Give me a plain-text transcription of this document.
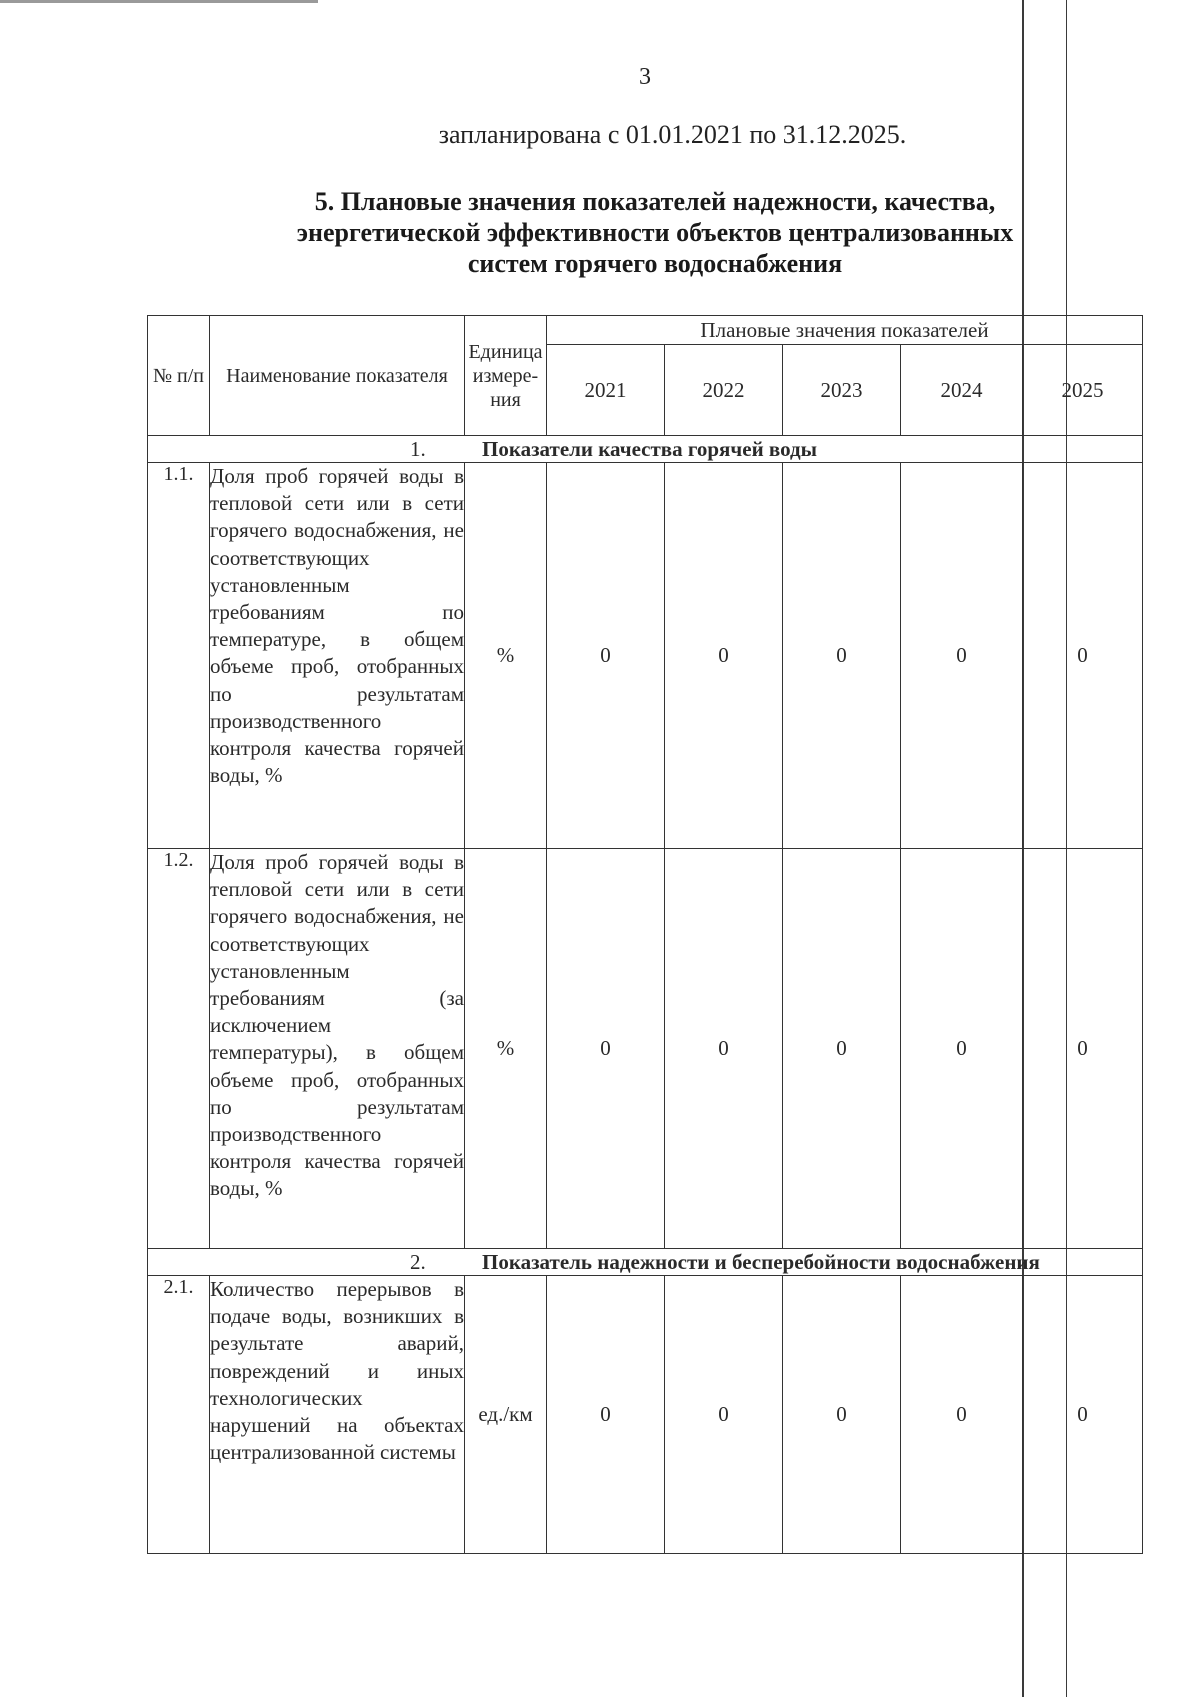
3
запланирована с 01.01.2021 по 31.12.2025.
5. Плановые значения показателей надежности, качества,
энергетической эффективности объектов централизованных
систем горячего водоснабжения
№ п/п	Наименование показателя	Единица измере-ния	Плановые значения показателей				
			2021	2022	2023	2024	2025
1. Показатели качества горячей воды							
1.1.	Доля проб горячей воды в тепловой сети или в сети горячего водоснабжения, не соответствующих установленным требованиям по температуре, в общем объеме проб, отобранных по результатам производственного контроля качества горячей воды, %	%	0	0	0	0	0
1.2.	Доля проб горячей воды в тепловой сети или в сети горячего водоснабжения, не соответствующих установленным требованиям (за исключением температуры), в общем объеме проб, отобранных по результатам производственного контроля качества горячей воды, %	%	0	0	0	0	0
2. Показатель надежности и бесперебойности водоснабжения							
2.1.	Количество перерывов в подаче воды, возникших в результате аварий, повреждений и иных технологических нарушений на объектах централизованной системы	ед./км	0	0	0	0	0
